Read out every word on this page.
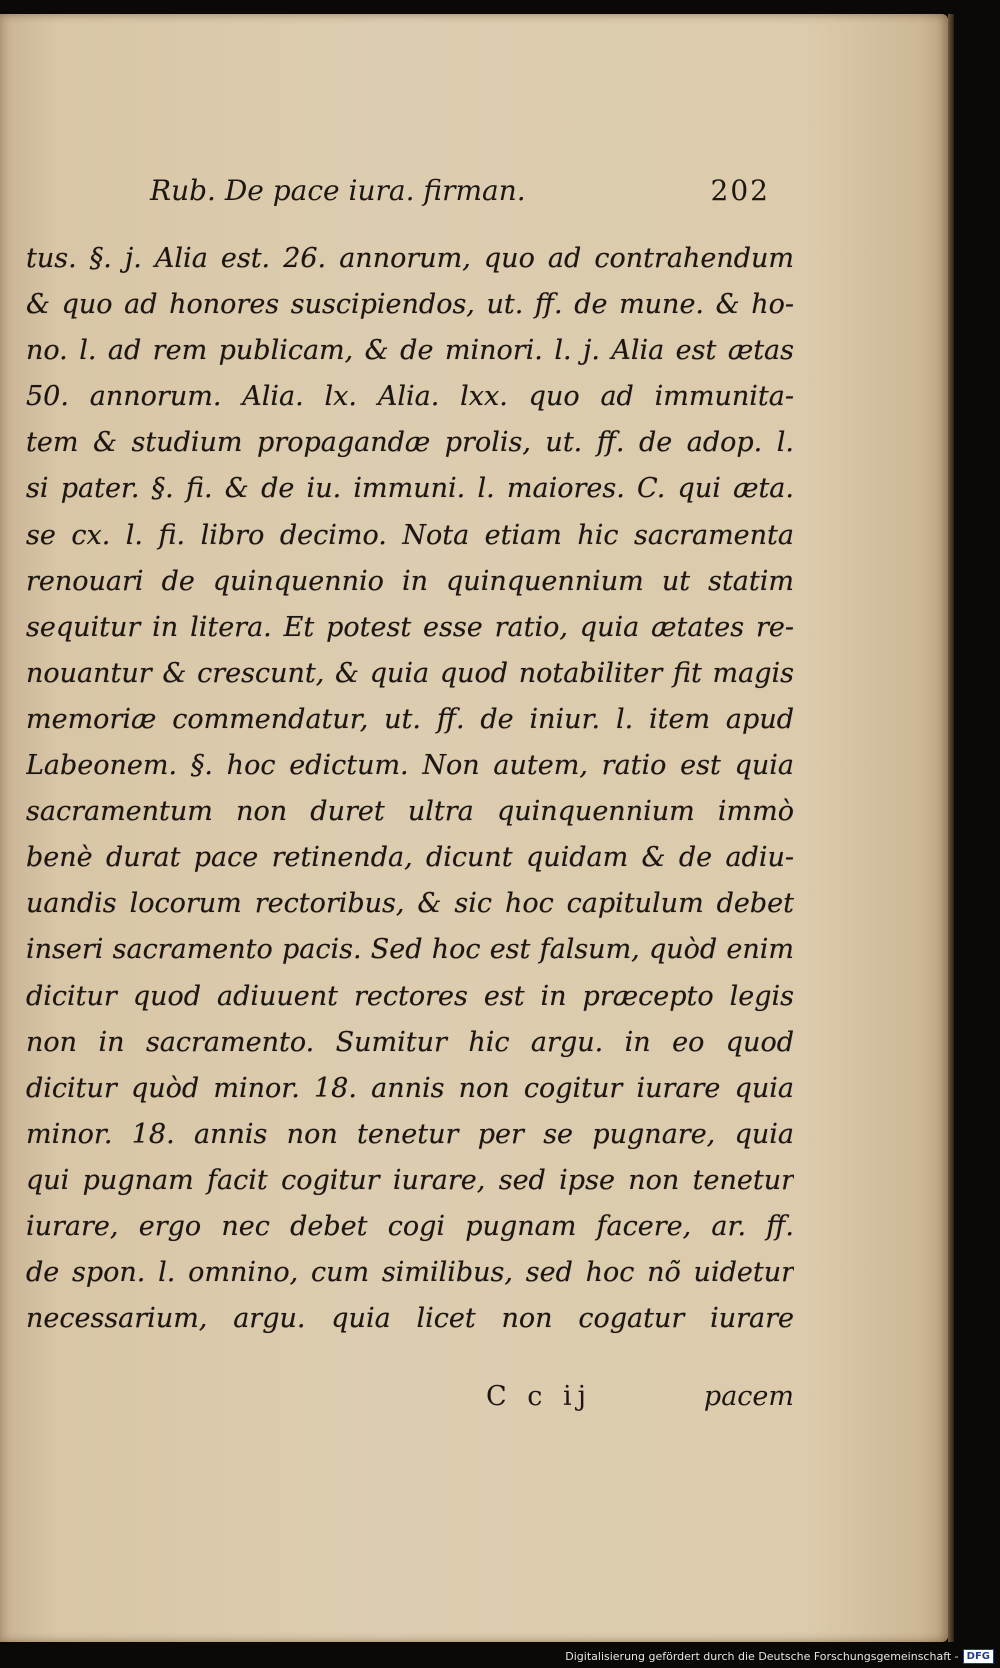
Rub. De pace iura. firman.	202
tus. §. j. Alia est. 26. annorum, quo ad contrahendum
& quo ad honores suscipiendos, ut. ff. de mune. & ho-
no. l. ad rem publicam, & de minori. l. j. Alia est ætas
50. annorum. Alia. lx. Alia. lxx. quo ad immunita-
tem & studium propagandæ prolis, ut. ff. de adop. l.
si pater. §. fi. & de iu. immuni. l. maiores. C. qui æta.
se cx. l. fi. libro decimo. Nota etiam hic sacramenta
renouari de quinquennio in quinquennium ut statim
sequitur in litera. Et potest esse ratio, quia ætates re-
nouantur & crescunt, & quia quod notabiliter fit magis
memoriæ commendatur, ut. ff. de iniur. l. item apud
Labeonem. §. hoc edictum. Non autem, ratio est quia
sacramentum non duret ultra quinquennium immò
benè durat pace retinenda, dicunt quidam & de adiu-
uandis locorum rectoribus, & sic hoc capitulum debet
inseri sacramento pacis. Sed hoc est falsum, quòd enim
dicitur quod adiuuent rectores est in præcepto legis
non in sacramento. Sumitur hic argu. in eo quod
dicitur quòd minor. 18. annis non cogitur iurare quia
minor. 18. annis non tenetur per se pugnare, quia
qui pugnam facit cogitur iurare, sed ipse non tenetur
iurare, ergo nec debet cogi pugnam facere, ar. ff.
de spon. l. omnino, cum similibus, sed hoc nõ uidetur
necessarium, argu. quia licet non cogatur iurare
C c ij	pacem
Digitalisierung gefördert durch die Deutsche Forschungsgemeinschaft - DFG
